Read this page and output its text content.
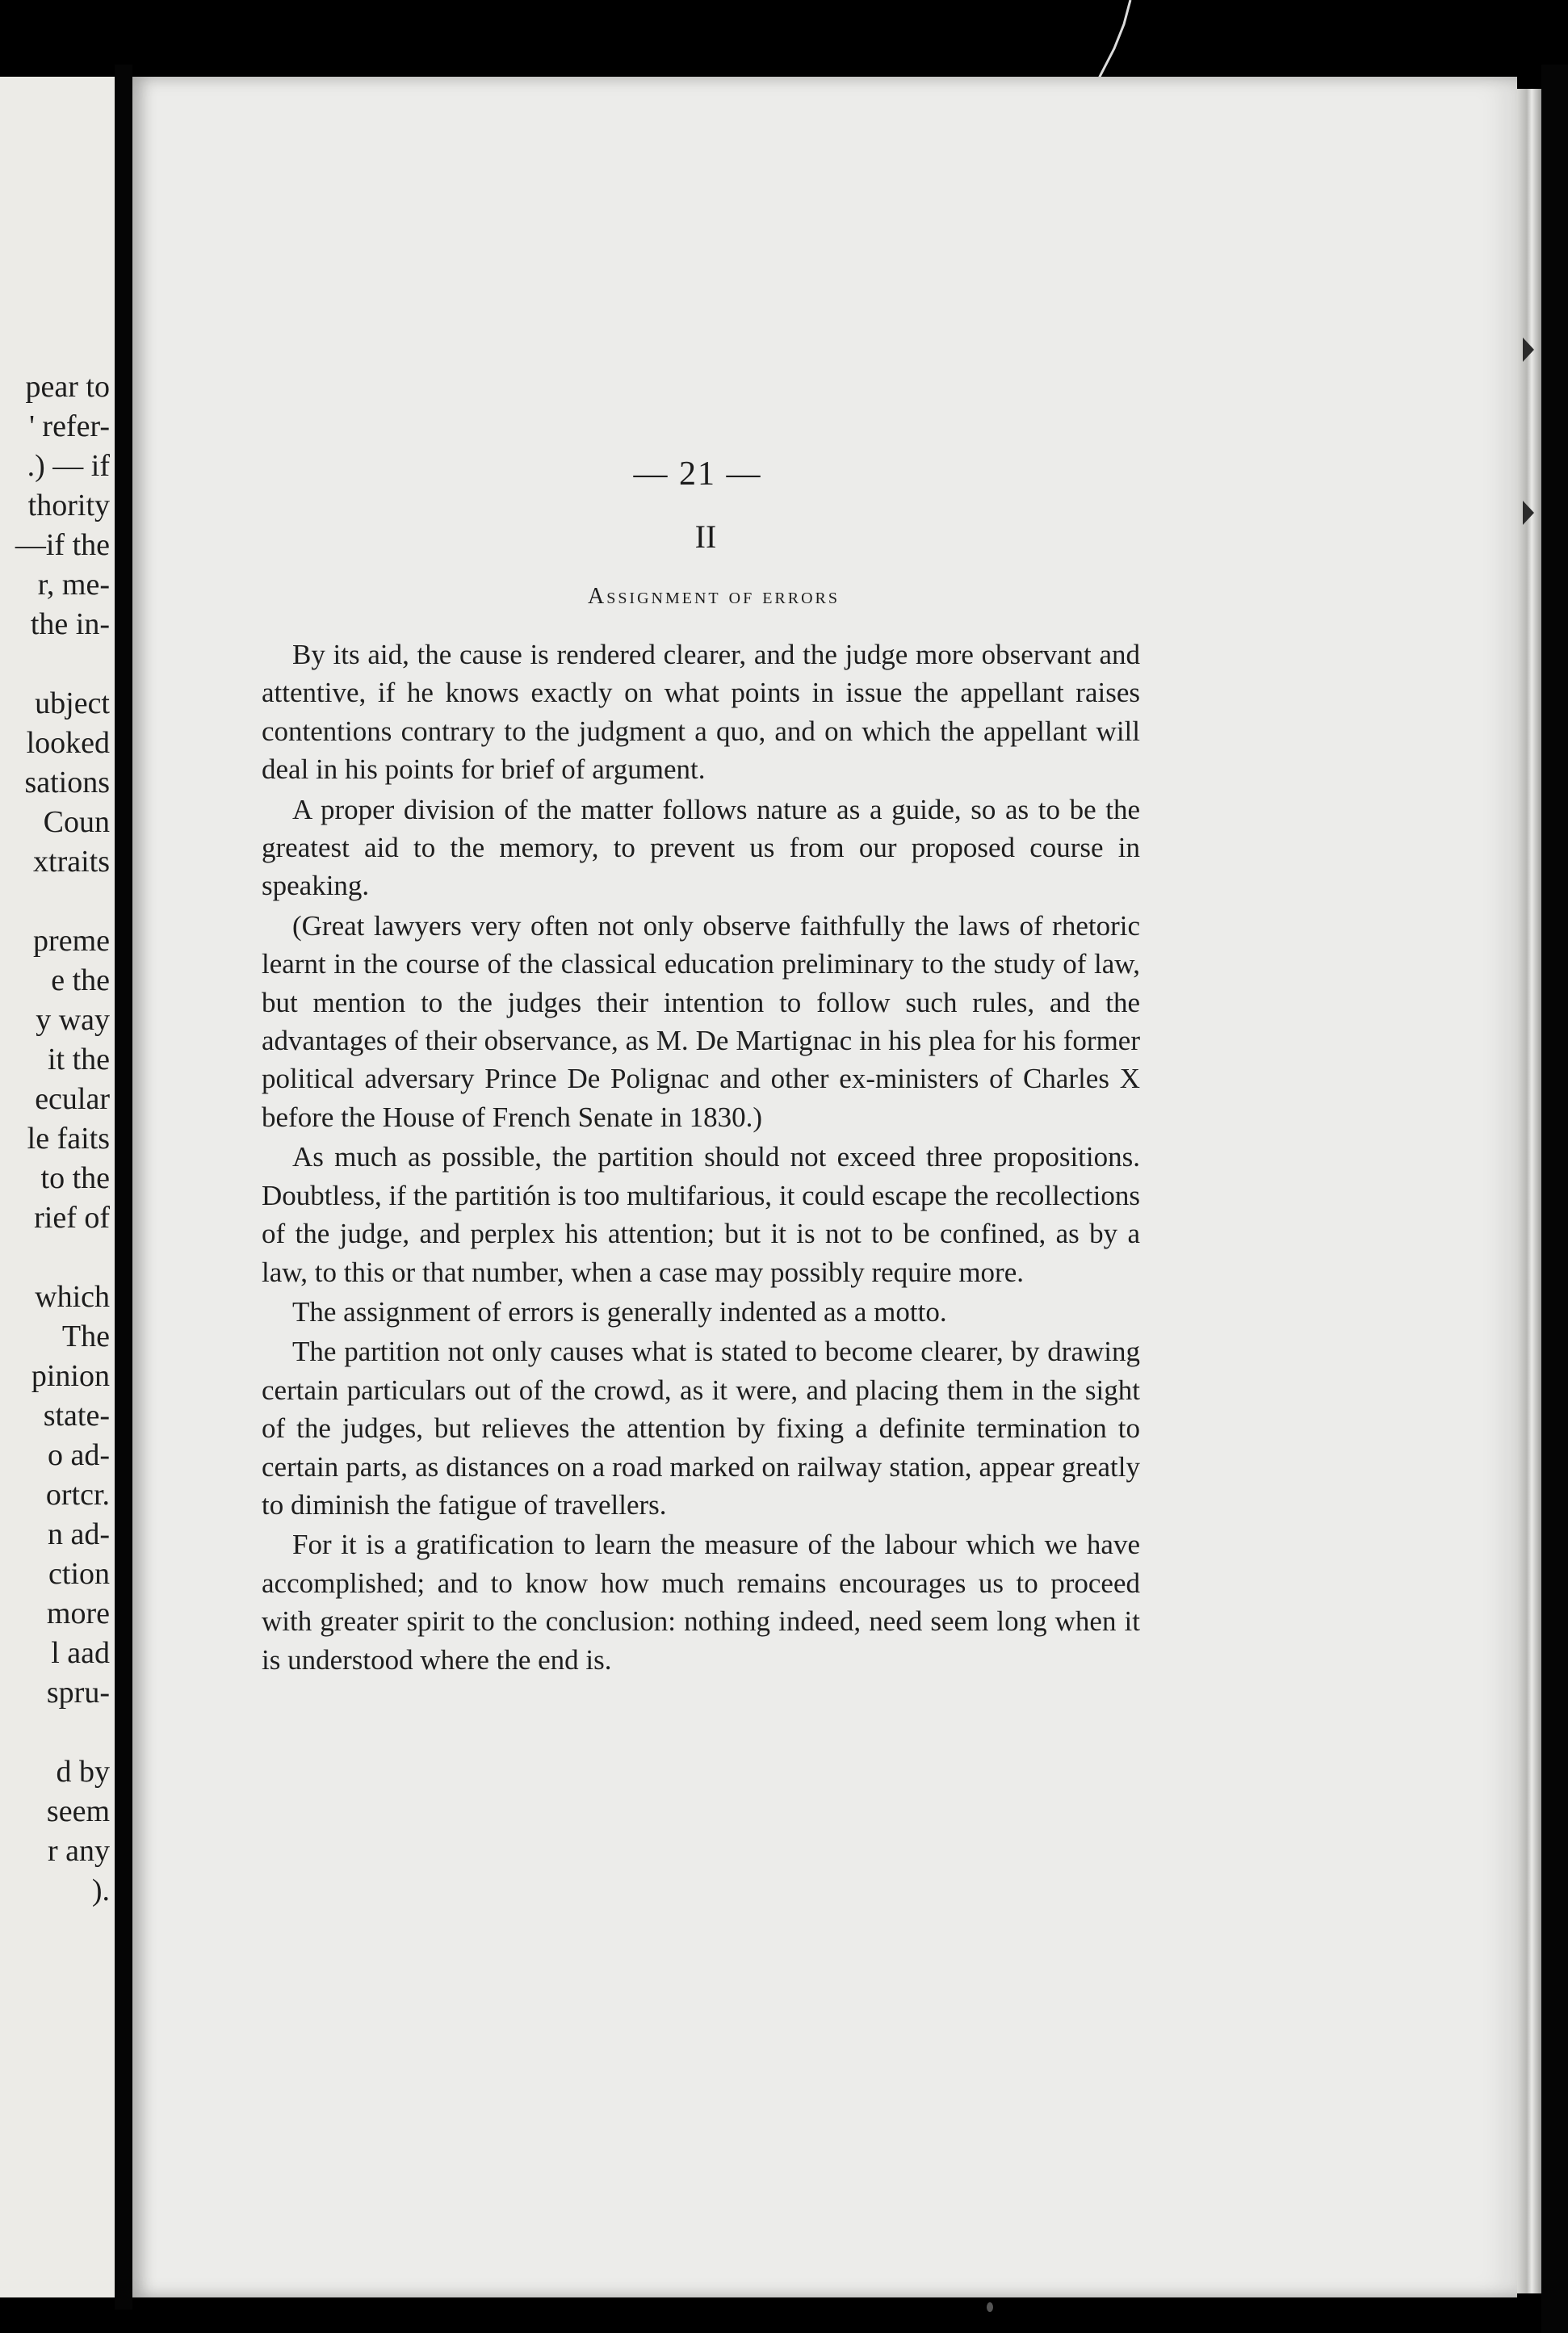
pear to
' refer-
.) — if
thority
—if the
r, me-
the in-
ubject
looked
sations
Coun
xtraits
preme
e the
y way
it the
ecular
le faits
to the
rief of
which
The
pinion
state-
o ad-
ortcr.
n ad-
ction
more
l aad
spru-
d by
seem
r any
).
— 21 —
II
Assignment of errors

By its aid, the cause is rendered clearer, and the judge more observant and attentive, if he knows exactly on what points in issue the appellant raises contentions contrary to the judgment a quo, and on which the appellant will deal in his points for brief of argument.

A proper division of the matter follows nature as a guide, so as to be the greatest aid to the memory, to prevent us from our proposed course in speaking.

(Great lawyers very often not only observe faithfully the laws of rhetoric learnt in the course of the classical education preliminary to the study of law, but mention to the judges their intention to follow such rules, and the advantages of their observance, as M. De Martignac in his plea for his former political adversary Prince De Polignac and other ex-ministers of Charles X before the House of French Senate in 1830.)

As much as possible, the partition should not exceed three propositions. Doubtless, if the partitión is too multifarious, it could escape the recollections of the judge, and perplex his attention; but it is not to be confined, as by a law, to this or that number, when a case may possibly require more.

The assignment of errors is generally indented as a motto.

The partition not only causes what is stated to become clearer, by drawing certain particulars out of the crowd, as it were, and placing them in the sight of the judges, but relieves the attention by fixing a definite termination to certain parts, as distances on a road marked on railway station, appear greatly to diminish the fatigue of travellers.

For it is a gratification to learn the measure of the labour which we have accomplished; and to know how much remains encourages us to proceed with greater spirit to the conclusion: nothing indeed, need seem long when it is understood where the end is.
